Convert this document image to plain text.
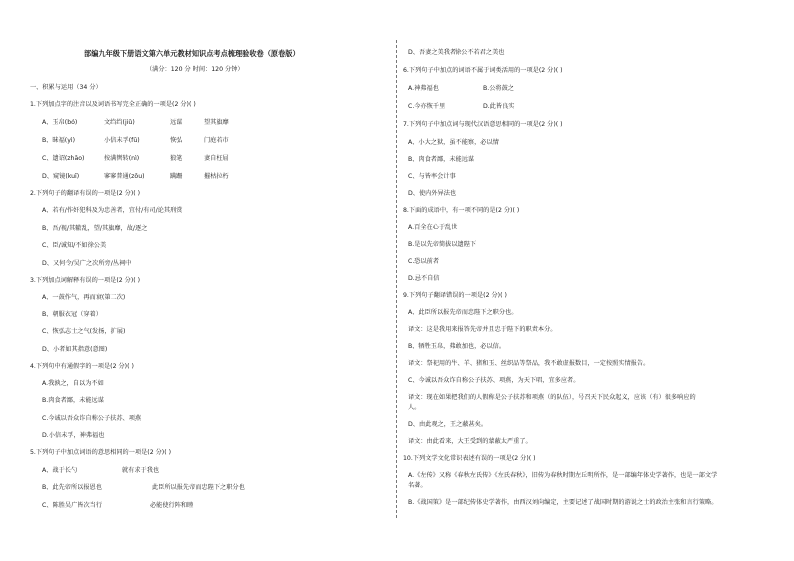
部编九年级下册语文第六单元教材知识点考点梳理验收卷（原卷版）
（满分：120 分 时间：120 分钟）
一、积累与运用（34 分）
1.下列加点字的注音以及词语书写完全正确的一项是(2 分)( )
A、玉帛(bó)	文绉绉(jiǔ)	远谋	望其旗靡
B、昧福(yì)	小信未孚(fū)	恢弘	门庭若市
C、遗诏(zhāo)	按满辔转(nì)	狼笔	妻自枉屈
D、窥镜(kuī)	寥寥普通(zōu)	蹒跚	摧枯拉朽
2.下列句子的翻译有误的一项是(2 分)( )
A、若有/作奸犯科及为忠善者，宜付/有司/论其刑赏
B、吾/视/其辙乱，望/其旗靡，故/逐之
C、臣/诚知/不如徐公美
D、又何令/吴广之次所旁/丛祠中
3.下列加点词解释有误的一项是(2 分)( )
A、一鼓作气，再而衰(第二次)
B、朝服衣冠（穿着）
C、恢弘志士之气(发扬，扩展)
D、小者如其指意(意图)
4.下列句中有通假字的一项是(2 分)( )
A.我孰之，自以为不如
B.肉食者鄙，未能远谋
C.今诚以吾众诈自称公子扶苏、项燕
D.小信未孚，神弗福也
5.下列句子中加点词语的意思相同的一项是(2 分)( )
A、战于长勺	就有求于我也
B、此先帝所以报恩也	此臣所以报先帝而忠陛下之职分也
C、陈胜吴广皆次当行	必能使行阵和睦
D、吾妻之美我者
徐公不若君之美也
6.下列句子中加点的词语不属于词类活用的一项是(2 分)( )
A.神弗福也	B.公将鼓之
C.今亦恢千里	D.此皆良实
7.下列句子中加点词与现代汉语意思相同的一项是(2 分)( )
A、小大之狱，虽不能察，必以情
B、肉食者鄙，未能远谋
C、与皆率会计事
D、使内外异法也
8.下面的成语中，有一项不同的是(2 分)( )
A.百全在心于乱世
B.是以先帝简拔以遗陛下
C.恐以前者
D.忌不自信
9.下列句子翻译错误的一项是(2 分)( )
A、此臣所以报先帝而忠陛下之职分也。
译文：这是我用来报答先帝并且忠于陛下的职责本分。
B、牺牲玉帛，弗敢加也，必以信。
译文：祭祀用的牛、羊、猪和玉、丝织品等祭品，我不敢虚报数目，一定按照实情报告。
C、今诚以吾众诈自称公子扶苏、项燕，为天下唱，宜多应者。
译文：现在如果把我们的人假称是公子扶苏和项燕（的队伍），号召天下民众起义，应该（有）很多响应的
人。
D、由此观之，王之蔽甚矣。
译文：由此看来，大王受到的蒙蔽太严重了。
10.下列文学文化常识表述有误的一项是(2 分)( )
A.《左传》又称《春秋左氏传》《左氏春秋》，旧传为春秋时期左丘明所作，是一部编年体史学著作，也是一部文学
名著。
B.《战国策》是一部纪传体史学著作，由西汉刘向编定，主要记述了战国时期的游说之士的政治主张和言行策略。
